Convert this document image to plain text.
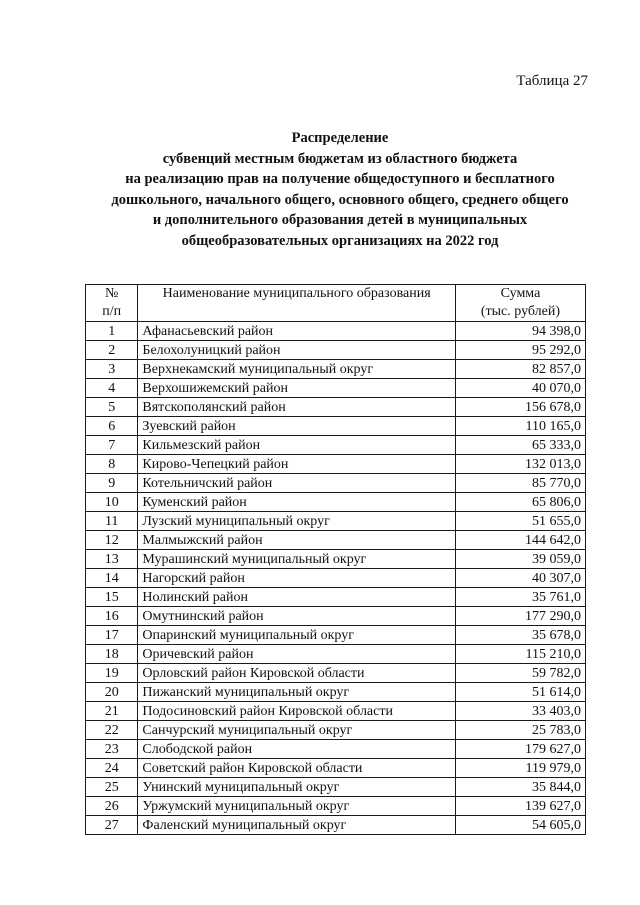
Таблица 27
Распределение
субвенций местным бюджетам из областного бюджета
на реализацию прав на получение общедоступного и бесплатного
дошкольного, начального общего, основного общего, среднего общего
и дополнительного образования детей в муниципальных
общеобразовательных организациях на 2022 год
№
п/п	Наименование муниципального образования	Сумма
(тыс. рублей)

1	Афанасьевский район	94 398,0
2	Белохолуницкий район	95 292,0
3	Верхнекамский муниципальный округ	82 857,0
4	Верхошижемский район	40 070,0
5	Вятскополянский район	156 678,0
6	Зуевский район	110 165,0
7	Кильмезский район	65 333,0
8	Кирово-Чепецкий район	132 013,0
9	Котельничский район	85 770,0
10	Куменский район	65 806,0
11	Лузский муниципальный округ	51 655,0
12	Малмыжский район	144 642,0
13	Мурашинский муниципальный округ	39 059,0
14	Нагорский район	40 307,0
15	Нолинский район	35 761,0
16	Омутнинский район	177 290,0
17	Опаринский муниципальный округ	35 678,0
18	Оричевский район	115 210,0
19	Орловский район Кировской области	59 782,0
20	Пижанский муниципальный округ	51 614,0
21	Подосиновский район Кировской области	33 403,0
22	Санчурский муниципальный округ	25 783,0
23	Слободской район	179 627,0
24	Советский район Кировской области	119 979,0
25	Унинский муниципальный округ	35 844,0
26	Уржумский муниципальный округ	139 627,0
27	Фаленский муниципальный округ	54 605,0
